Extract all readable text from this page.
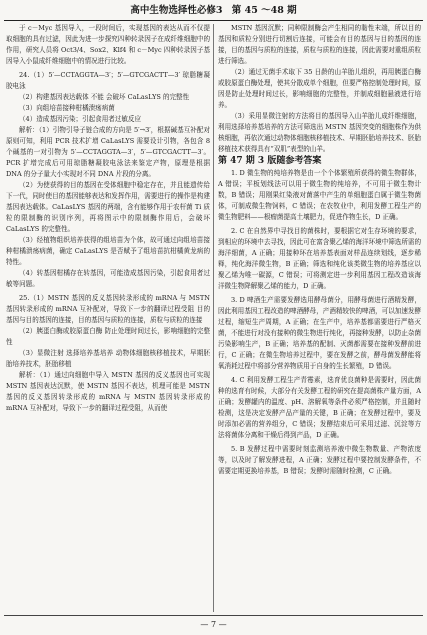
高中生物选择性必修3 第 45 ～48 期

于 c－Myc 基因导入，一段时间后，实现基因的表达从而不仅提取细胞的具有过滤，因此为进一步探究四种转录因子在成纤维细胞中的作用，研究人员将 Oct3/4、Sox2、Klf4 和 c－Myc 四种转录因子基因导入小鼠成纤维细胞中的情况进行比较。

24.（1）5′—CCTAGGTA—3′；5′—GTCGACTT—3′ 琼脂糖凝胶电泳

（2）构建基因表达载体 不能 会破坏 CaLasLYS 的完整性

（3）向组培苗接种柑橘溃疡病菌

（4）造成基因污染；引起食用者过敏反应

解析：（1）引物引导子链合成的方向是 5′→3′，根据碱基互补配对原则可知，利用 PCR 技术扩增 CaLasLYS 需要设计引物，各包含 8 个碱基的一对引物为 5′—CCTAGGTA—3′，5′—GTCGACTT—3′。PCR 扩增完成后可用琼脂糖凝胶电泳法来鉴定产物，原理是根据 DNA 的分子量大小实现对不同 DNA 片段的分离。

（2）为使获得的目的基因在受体细胞中稳定存在，并且能遗传给下一代，同时使目的基因能够表达和发挥作用，需要进行的操作是构建基因表达载体。CaLasLYS 基因的两端，含有能够作用于农杆菌 Ti 质粒的限制酶的识别序列，再将图示中的限制酶作用后，会破坏 CaLasLYS 的完整性。

（3）经植物组织培养获得的组培苗为个体，故可通过向组培苗接种柑橘溃疡病菌，确定 CaLasLYS 是否赋予了组培苗抗柑橘黄龙病的特性。

（4）转基因柑橘存在转基因，可能造成基因污染，引起食用者过敏等问题。

25.（1）MSTN 基因的反义基因转录形成的 mRNA 与 MSTN 基因转录形成的 mRNA 互补配对，导致下一步的翻译过程受阻 目的基因与目的基因的连接，目的基因与质粒的连接，质粒与质粒的连接

（2）胰蛋白酶或胶原蛋白酶 防止处理时间过长，影响细胞的完整性

（3）显微注射 选择培养基培养 动物体细胞核移植技术，早期胚胎培养技术，胚胎移植

解析：（1）通过向细胞中导入 MSTN 基因的反义基因也可实现 MSTN 基因表达沉默，使 MSTN 基因不表达，机理可能是 MSTN 基因的反义基因转录形成的 mRNA 与 MSTN 基因转录形成的 mRNA 互补配对，导致下一步的翻译过程受阻，从而使

MSTN 基因沉默；同种限制酶会产生相同的黏性末端，所以目的基因和质粒分别进行切割后连接，可能会有目的基因与目的基因的连接，目的基因与质粒的连接，质粒与质粒的连接，因此需要对重组质粒进行筛选。

（2）通过无菌手术取下 35 日龄的山羊胎儿组织，再用胰蛋白酶或胶原蛋白酶处理，使其分散成单个细胞，但要严格控制处理时间，原因是防止处理时间过长，影响细胞的完整性，并制成细胞悬液进行培养。

（3）采用显微注射的方法将目的基因导入山羊胎儿成纤维细胞，利用选择培养基培养的方法可筛选出 MSTN 基因突变的细胞株作为供核细胞，再依次通过动物体细胞核移植技术、早期胚胎培养技术、胚胎移植技术获得具有“双肌”表型的山羊。

第 47 期 3 版随参考答案

1. D 微生物的纯培养物是由一个个体繁殖所获得的微生物群体，A 错误；平板划线法可以用于微生物的纯培养，不可用于微生物计数，B 错误；用刚果红染液对菌落中产生的单细胞蛋白属于微生物菌体，可制成微生物饲料，C 错误；在农牧业中，利用发酵工程生产的微生物肥料——根瘤菌提高土壤肥力，促进作物生长，D 正确。

2. C 在自然界中寻找目的菌株时，要根据它对生存环境的要求，到相应的环境中去寻找，因此可在富含聚乙烯的海洋环境中筛选所需的海洋细菌，A 正确；用接种环在培养基表面对样品连续划线，逐步稀释，纯化海洋微生物，B 正确；筛选和纯化该类微生物的培养基应以聚乙烯为唯一碳源，C 错误；可将测定进一步利用基因工程改造该海洋微生物降解聚乙烯的能力，D 正确。

3. D 啤酒生产需要发酵选用酵母菌分，用酵母菌进行酒精发酵，因此利用基因工程改造的啤酒酵母，产酒精较快的啤酒，可以加速发酵过程，缩短生产周期，A 正确；在生产中，培养基都需要进行严格灭菌，不能进行对没有接种的微生物进行纯化，再接种发酵，以防止杂菌污染影响生产，B 正确；培养基的配制、灭菌都需要在接种发酵前进行，C 正确；在微生物培养过程中，要在发酵之前，酵母菌发酵能将氧消耗过程中将部分营养物质用于自身的生长繁殖，D 错误。

4. C 利用发酵工程生产青霉素，选育优良菌种是需要时，因此菌种的选育有时候，大部分有关发酵工程的研究在提高菌株产量方面，A 正确；发酵罐内的温度、pH、溶解氧等条件必须严格控制，并且随时检测，这是决定发酵产品产量的关键，B 正确；在发酵过程中，要及时添加必需的营养组分，C 错误；发酵结束后可采用过滤、沉淀等方法将菌体分离和干燥后得到产品，D 正确。

5. B 发酵过程中需要时刻监测培养液中微生物数量、产物浓度等，以及时了解发酵进程，A 正确；发酵过程中要控制发酵条件，不需要定期更换培养基，B 错误；发酵时需随时检测，C 正确。

— 7 —
